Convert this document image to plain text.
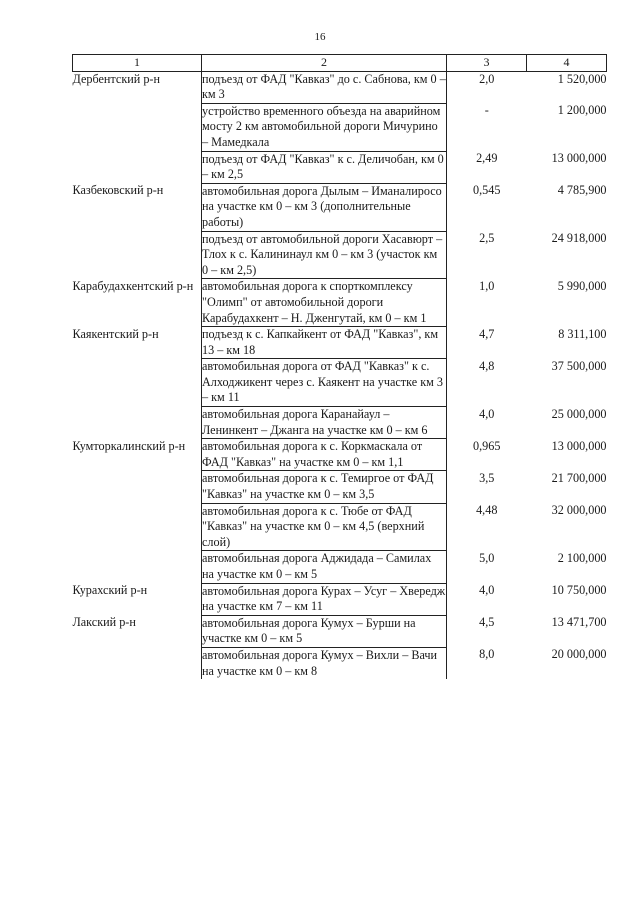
16
1	2	3	4
Дербентский р-н	подъезд от ФАД "Кавказ" до с. Сабнова, км 0 – км 3	2,0	1 520,000
	устройство временного объезда на аварийном мосту 2 км автомобильной дороги Мичурино – Мамедкала	-	1 200,000
	подъезд от ФАД "Кавказ" к с. Деличобан, км 0 – км 2,5	2,49	13 000,000
Казбековский р-н	автомобильная дорога Дылым – Иманалиросо на участке км 0 – км 3 (дополнительные работы)	0,545	4 785,900
	подъезд от автомобильной дороги Хасавюрт – Тлох к с. Калининаул км 0 – км 3 (участок км 0 – км 2,5)	2,5	24 918,000
Карабудахкентский р-н	автомобильная дорога к спорткомплексу "Олимп" от автомобильной дороги Карабудахкент – Н. Дженгутай, км 0 – км 1	1,0	5 990,000
Каякентский р-н	подъезд к с. Капкайкент от ФАД "Кавказ", км 13 – км 18	4,7	8 311,100
	автомобильная дорога от ФАД "Кавказ" к с. Алходжикент через с. Каякент на участке км 3 – км 11	4,8	37 500,000
	автомобильная дорога Каранайаул – Ленинкент – Джанга на участке км 0 – км 6	4,0	25 000,000
Кумторкалинский р-н	автомобильная дорога к с. Коркмаскала от ФАД "Кавказ" на участке км 0 – км 1,1	0,965	13 000,000
	автомобильная дорога к с. Темиргое от ФАД "Кавказ" на участке км 0 – км 3,5	3,5	21 700,000
	автомобильная дорога к с. Тюбе от ФАД "Кавказ" на участке км 0 – км 4,5 (верхний слой)	4,48	32 000,000
	автомобильная дорога Аджидада – Самилах на участке км 0 – км 5	5,0	2 100,000
Курахский р-н	автомобильная дорога Курах – Усуг – Хвередж на участке км 7 – км 11	4,0	10 750,000
Лакский р-н	автомобильная дорога Кумух – Бурши на участке км 0 – км 5	4,5	13 471,700
	автомобильная дорога Кумух – Вихли – Вачи на участке км 0 – км 8	8,0	20 000,000
